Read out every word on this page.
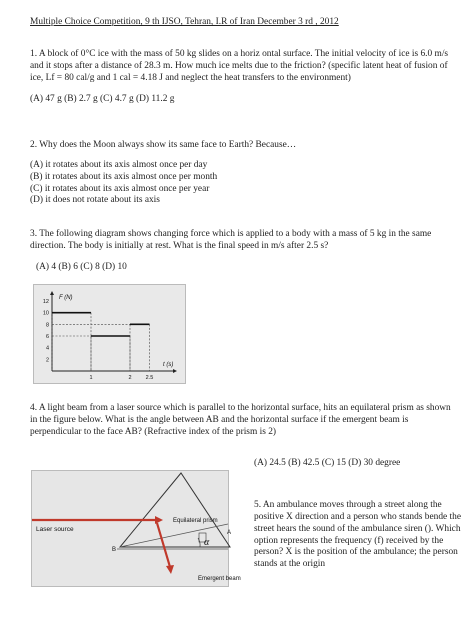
Multiple Choice Competition, 9 th IJSO, Tehran, I.R of Iran December 3 rd , 2012

1. A block of 0°C ice with the mass of 50 kg slides on a horiz ontal surface. The initial velocity of ice is 6.0 m/s and it stops after a distance of 28.3 m. How much ice melts due to the friction? (specific latent heat of fusion of ice, Lf = 80 cal/g and 1 cal = 4.18 J and neglect the heat transfers to the environment)

(A) 47 g (B) 2.7 g (C) 4.7 g (D) 11.2 g

2. Why does the Moon always show its same face to Earth? Because…

(A) it rotates about its axis almost once per day
(B) it rotates about its axis almost once per month
(C) it rotates about its axis almost once per year
(D) it does not rotate about its axis

3. The following diagram shows changing force which is applied to a body with a mass of 5 kg in the same direction. The body is initially at rest. What is the final speed in m/s after 2.5 s?

(A) 4 (B) 6 (C) 8 (D) 10

F (N)
t (s)
12
10
8
6
4
2
1	2	2.5

4. A light beam from a laser source which is parallel to the horizontal surface, hits an equilateral prism as shown in the figure below. What is the angle between AB and the horizontal surface if the emergent beam is perpendicular to the face AB? (Refractive index of the prism is 2)

(A) 24.5 (B) 42.5 (C) 15 (D) 30 degree
Laser source
Equilateral prism
Emergent beam
A
B
α

5. An ambulance moves through a street along the positive X direction and a person who stands bende the street hears the sound of the ambulance siren (). Which option represents the frequency (f) received by the person? X is the position of the ambulance; the person stands at the origin
